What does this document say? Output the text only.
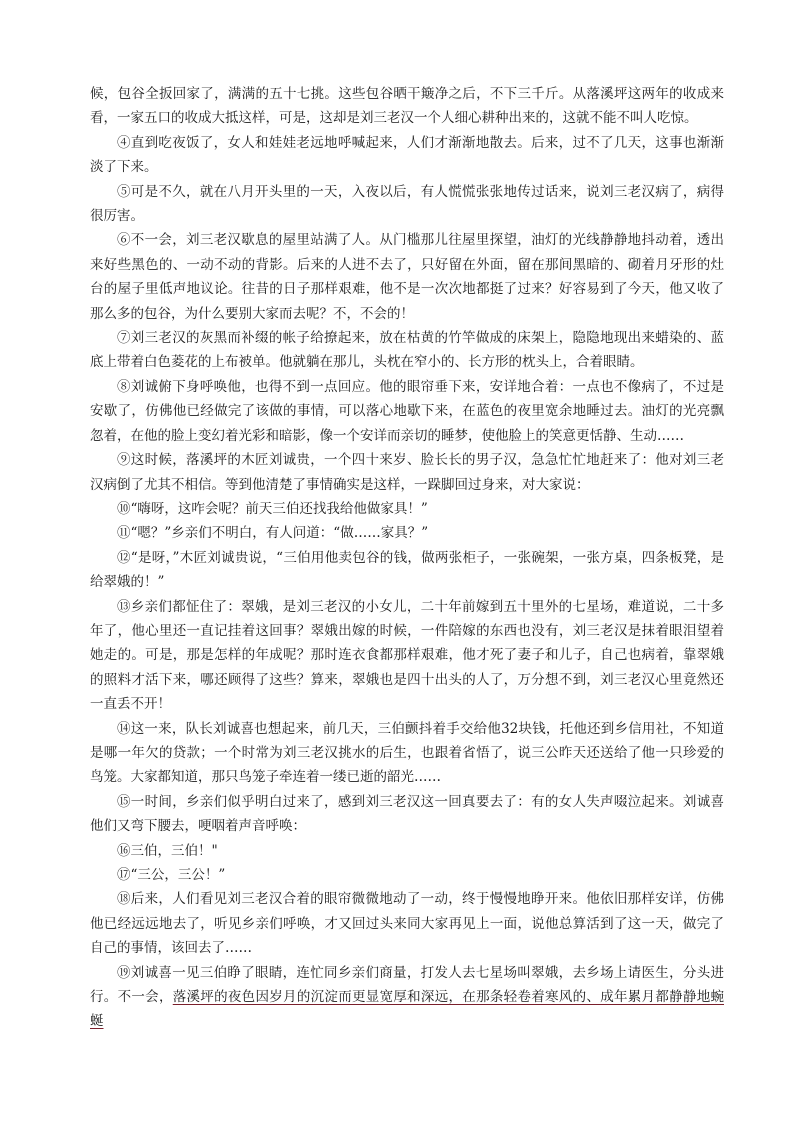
候，包谷全扳回家了，满满的五十七挑。这些包谷晒干簸净之后，不下三千斤。从落溪坪这两年的收成来看，一家五口的收成大抵这样，可是，这却是刘三老汉一个人细心耕种出来的，这就不能不叫人吃惊。

④直到吃夜饭了，女人和娃娃老远地呼喊起来，人们才渐渐地散去。后来，过不了几天，这事也渐渐淡了下来。

⑤可是不久，就在八月开头里的一天，入夜以后，有人慌慌张张地传过话来，说刘三老汉病了，病得很厉害。

⑥不一会，刘三老汉歇息的屋里站满了人。从门槛那儿往屋里探望，油灯的光线静静地抖动着，透出来好些黑色的、一动不动的背影。后来的人进不去了，只好留在外面，留在那间黑暗的、砌着月牙形的灶台的屋子里低声地议论。往昔的日子那样艰难，他不是一次次地都挺了过来？好容易到了今天，他又收了那么多的包谷，为什么要别大家而去呢？不，不会的！

⑦刘三老汉的灰黑而补缀的帐子给撩起来，放在枯黄的竹竿做成的床架上，隐隐地现出来蜡染的、蓝底上带着白色菱花的上布被单。他就躺在那儿，头枕在窄小的、长方形的枕头上，合着眼睛。

⑧刘诚俯下身呼唤他，也得不到一点回应。他的眼帘垂下来，安详地合着：一点也不像病了，不过是安歇了，仿佛他已经做完了该做的事情，可以落心地歇下来，在蓝色的夜里宽余地睡过去。油灯的光亮飘忽着，在他的脸上变幻着光彩和暗影，像一个安详而亲切的睡梦，使他脸上的笑意更恬静、生动……

⑨这时候，落溪坪的木匠刘诚贵，一个四十来岁、脸长长的男子汉，急急忙忙地赶来了：他对刘三老汉病倒了尤其不相信。等到他清楚了事情确实是这样，一跺脚回过身来，对大家说：

⑩“嗨呀，这咋会呢？前天三伯还找我给他做家具！”

⑪“嗯？”乡亲们不明白，有人问道：“做……家具？”

⑫“是呀，”木匠刘诚贵说，“三伯用他卖包谷的钱，做两张柜子，一张碗架，一张方桌，四条板凳，是给翠娥的！”

⑬乡亲们都怔住了：翠娥，是刘三老汉的小女儿，二十年前嫁到五十里外的七星场，难道说，二十多年了，他心里还一直记挂着这回事？翠娥出嫁的时候，一件陪嫁的东西也没有，刘三老汉是抹着眼泪望着她走的。可是，那是怎样的年成呢？那时连衣食都那样艰难，他才死了妻子和儿子，自己也病着，靠翠娥的照料才活下来，哪还顾得了这些？算来，翠娥也是四十出头的人了，万分想不到，刘三老汉心里竟然还一直丢不开！

⑭这一来，队长刘诚喜也想起来，前几天，三伯颤抖着手交给他32块钱，托他还到乡信用社，不知道是哪一年欠的贷款；一个时常为刘三老汉挑水的后生，也跟着省悟了，说三公昨天还送给了他一只珍爱的鸟笼。大家都知道，那只鸟笼子牵连着一缕已逝的韶光……

⑮一时间，乡亲们似乎明白过来了，感到刘三老汉这一回真要去了：有的女人失声啜泣起来。刘诚喜他们又弯下腰去，哽咽着声音呼唤：

⑯三伯，三伯！"

⑰“三公，三公！”

⑱后来，人们看见刘三老汉合着的眼帘微微地动了一动，终于慢慢地睁开来。他依旧那样安详，仿佛他已经远远地去了，听见乡亲们呼唤，才又回过头来同大家再见上一面，说他总算活到了这一天，做完了自己的事情，该回去了……

⑲刘诚喜一见三伯睁了眼睛，连忙同乡亲们商量，打发人去七星场叫翠娥，去乡场上请医生，分头进行。不一会，落溪坪的夜色因岁月的沉淀而更显宽厚和深远，在那条轻卷着寒风的、成年累月都静静地蜿蜒
